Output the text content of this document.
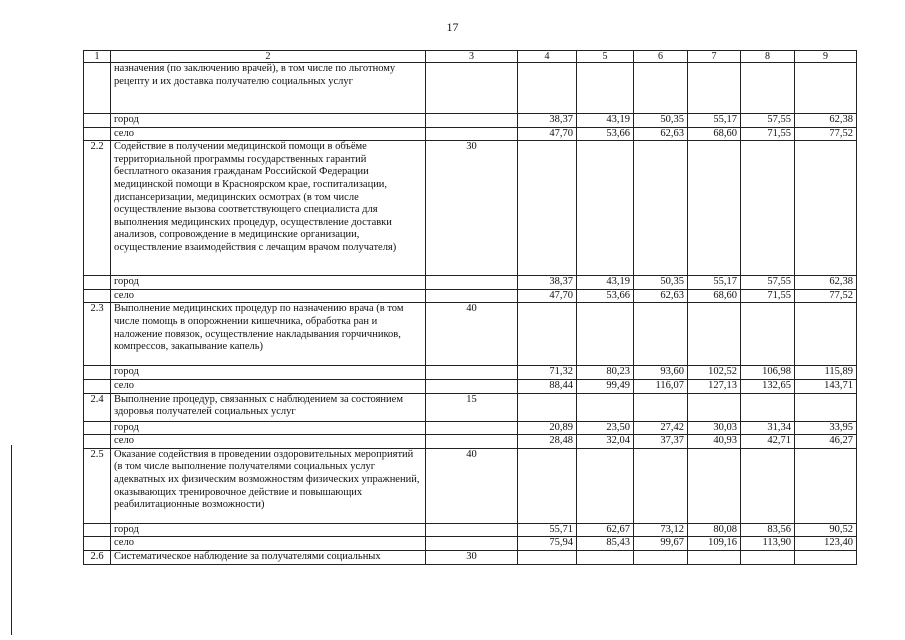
17
1	2	3	4	5	6	7	8	9
	назначения (по заключению врачей), в том числе по льготному рецепту и их доставка получателю социальных услуг							
	город		38,37	43,19	50,35	55,17	57,55	62,38
	село		47,70	53,66	62,63	68,60	71,55	77,52
2.2	Содействие в получении медицинской помощи в объёме территориальной программы государственных гарантий бесплатного оказания гражданам Российской Федерации медицинской помощи в Красноярском крае, госпитализации, диспансеризации, медицинских осмотрах (в том числе осуществление вызова соответствующего специалиста для выполнения медицинских процедур, осуществление доставки анализов, сопровождение в медицинские организации, осуществление взаимодействия с лечащим врачом получателя)	30						
	город		38,37	43,19	50,35	55,17	57,55	62,38
	село		47,70	53,66	62,63	68,60	71,55	77,52
2.3	Выполнение медицинских процедур по назначению врача (в том числе помощь в опорожнении кишечника, обработка ран и наложение повязок, осуществление накладывания горчичников, компрессов, закапывание капель)	40						
	город		71,32	80,23	93,60	102,52	106,98	115,89
	село		88,44	99,49	116,07	127,13	132,65	143,71
2.4	Выполнение процедур, связанных с наблюдением за состоянием здоровья получателей социальных услуг	15						
	город		20,89	23,50	27,42	30,03	31,34	33,95
	село		28,48	32,04	37,37	40,93	42,71	46,27
2.5	Оказание содействия в проведении оздоровительных мероприятий (в том числе выполнение получателями социальных услуг адекватных их физическим возможностям физических упражнений, оказывающих тренировочное действие и повышающих реабилитационные возможности)	40						
	город		55,71	62,67	73,12	80,08	83,56	90,52
	село		75,94	85,43	99,67	109,16	113,90	123,40
2.6	Систематическое наблюдение за получателями социальных	30						
